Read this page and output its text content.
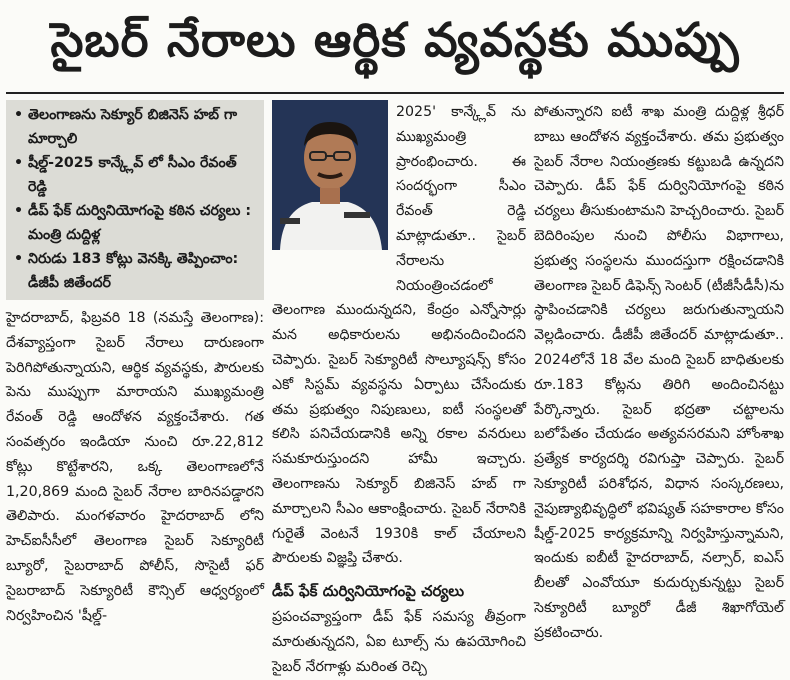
సైబర్ నేరాలు ఆర్థిక వ్యవస్థకు ముప్పు
• తెలంగాణను సెక్యూర్ బిజినెస్ హబ్ గా మార్చాలి
• షీల్డ్-2025 కాన్క్లేవ్ లో సీఎం రేవంత్ రెడ్డి
• డీప్ ఫేక్ దుర్వినియోగంపై కఠిన చర్యలు : మంత్రి దుద్దిళ్ల
• నిరుడు 183 కోట్లు వెనక్కి తెప్పించాం: డీజీపీ జితేందర్

హైదరాబాద్, ఫిబ్రవరి 18 (నమస్తే తెలంగాణ): దేశవ్యాప్తంగా సైబర్ నేరాలు దారుణంగా పెరిగిపోతున్నాయని, ఆర్థిక వ్యవస్థకు, పౌరులకు పెను ముప్పుగా మారాయని ముఖ్యమంత్రి రేవంత్ రెడ్డి ఆందోళన వ్యక్తంచేశారు. గత సంవత్సరం ఇండియా నుంచి రూ.22,812 కోట్లు కొట్టేశారని, ఒక్క తెలంగాణలోనే 1,20,869 మంది సైబర్ నేరాల బారినపడ్డారని తెలిపారు. మంగళవారం హైదరాబాద్ లోని హెచ్ఐసీసీలో తెలంగాణ సైబర్ సెక్యూరిటీ బ్యూరో, సైబరాబాద్ పోలీస్, సొసైటీ ఫర్ సైబరాబాద్ సెక్యూరిటీ కౌన్సిల్ ఆధ్వర్యంలో నిర్వహించిన 'షీల్డ్-

2025' కాన్క్లేవ్ ను ముఖ్యమంత్రి ప్రారంభించారు. ఈ సందర్భంగా సీఎం రేవంత్ రెడ్డి మాట్లాడుతూ.. సైబర్ నేరాలను నియంత్రించడంలో

తెలంగాణ ముందున్నదని, కేంద్రం ఎన్నోసార్లు మన అధికారులను అభినందించిందని చెప్పారు. సైబర్ సెక్యూరిటీ సొల్యూషన్స్ కోసం ఎకో సిస్టమ్ వ్యవస్థను ఏర్పాటు చేసేందుకు తమ ప్రభుత్వం నిపుణులు, ఐటీ సంస్థలతో కలిసి పనిచేయడానికి అన్ని రకాల వనరులు సమకూరుస్తుందని హామీ ఇచ్చారు. తెలంగాణను సెక్యూర్ బిజినెస్ హబ్ గా మార్చాలని సీఎం ఆకాంక్షించారు. సైబర్ నేరానికి గురైతే వెంటనే 1930కి కాల్ చేయాలని పౌరులకు విజ్ఞప్తి చేశారు.

డీప్ ఫేక్ దుర్వినియోగంపై చర్యలు

ప్రపంచవ్యాప్తంగా డీప్ ఫేక్ సమస్య తీవ్రంగా మారుతున్నదని, ఏఐ టూల్స్ ను ఉపయోగించి సైబర్ నేరగాళ్లు మరింత రెచ్చి

పోతున్నారని ఐటీ శాఖ మంత్రి దుద్దిళ్ల శ్రీధర్ బాబు ఆందోళన వ్యక్తంచేశారు. తమ ప్రభుత్వం సైబర్ నేరాల నియంత్రణకు కట్టుబడి ఉన్నదని చెప్పారు. డీప్ ఫేక్ దుర్వినియోగంపై కఠిన చర్యలు తీసుకుంటామని హెచ్చరించారు. సైబర్ బెదిరింపుల నుంచి పోలీసు విభాగాలు, ప్రభుత్వ సంస్థలను ముందస్తుగా రక్షించడానికి తెలంగాణ సైబర్ డిఫెన్స్ సెంటర్ (టీజీసీడీసీ)ను స్థాపించడానికి చర్యలు జరుగుతున్నాయని వెల్లడించారు. డీజీపీ జితేందర్ మాట్లాడుతూ.. 2024లోనే 18 వేల మంది సైబర్ బాధితులకు రూ.183 కోట్లను తిరిగి అందించినట్టు పేర్కొన్నారు. సైబర్ భద్రతా చట్టాలను బలోపేతం చేయడం అత్యవసరమని హోంశాఖ ప్రత్యేక కార్యదర్శి రవిగుప్తా చెప్పారు. సైబర్ సెక్యూరిటీ పరిశోధన, విధాన సంస్కరణలు, నైపుణ్యాభివృద్ధిలో భవిష్యత్ సహకారాల కోసం షీల్డ్-2025 కార్యక్రమాన్ని నిర్వహిస్తున్నామని, ఇందుకు ఐబీటీ హైదరాబాద్, నల్సార్, ఐఎస్ బీలతో ఎంవోయూ కుదుర్చుకున్నట్టు సైబర్ సెక్యూరిటీ బ్యూరో డీజీ శిఖాగోయెల్ ప్రకటించారు.
